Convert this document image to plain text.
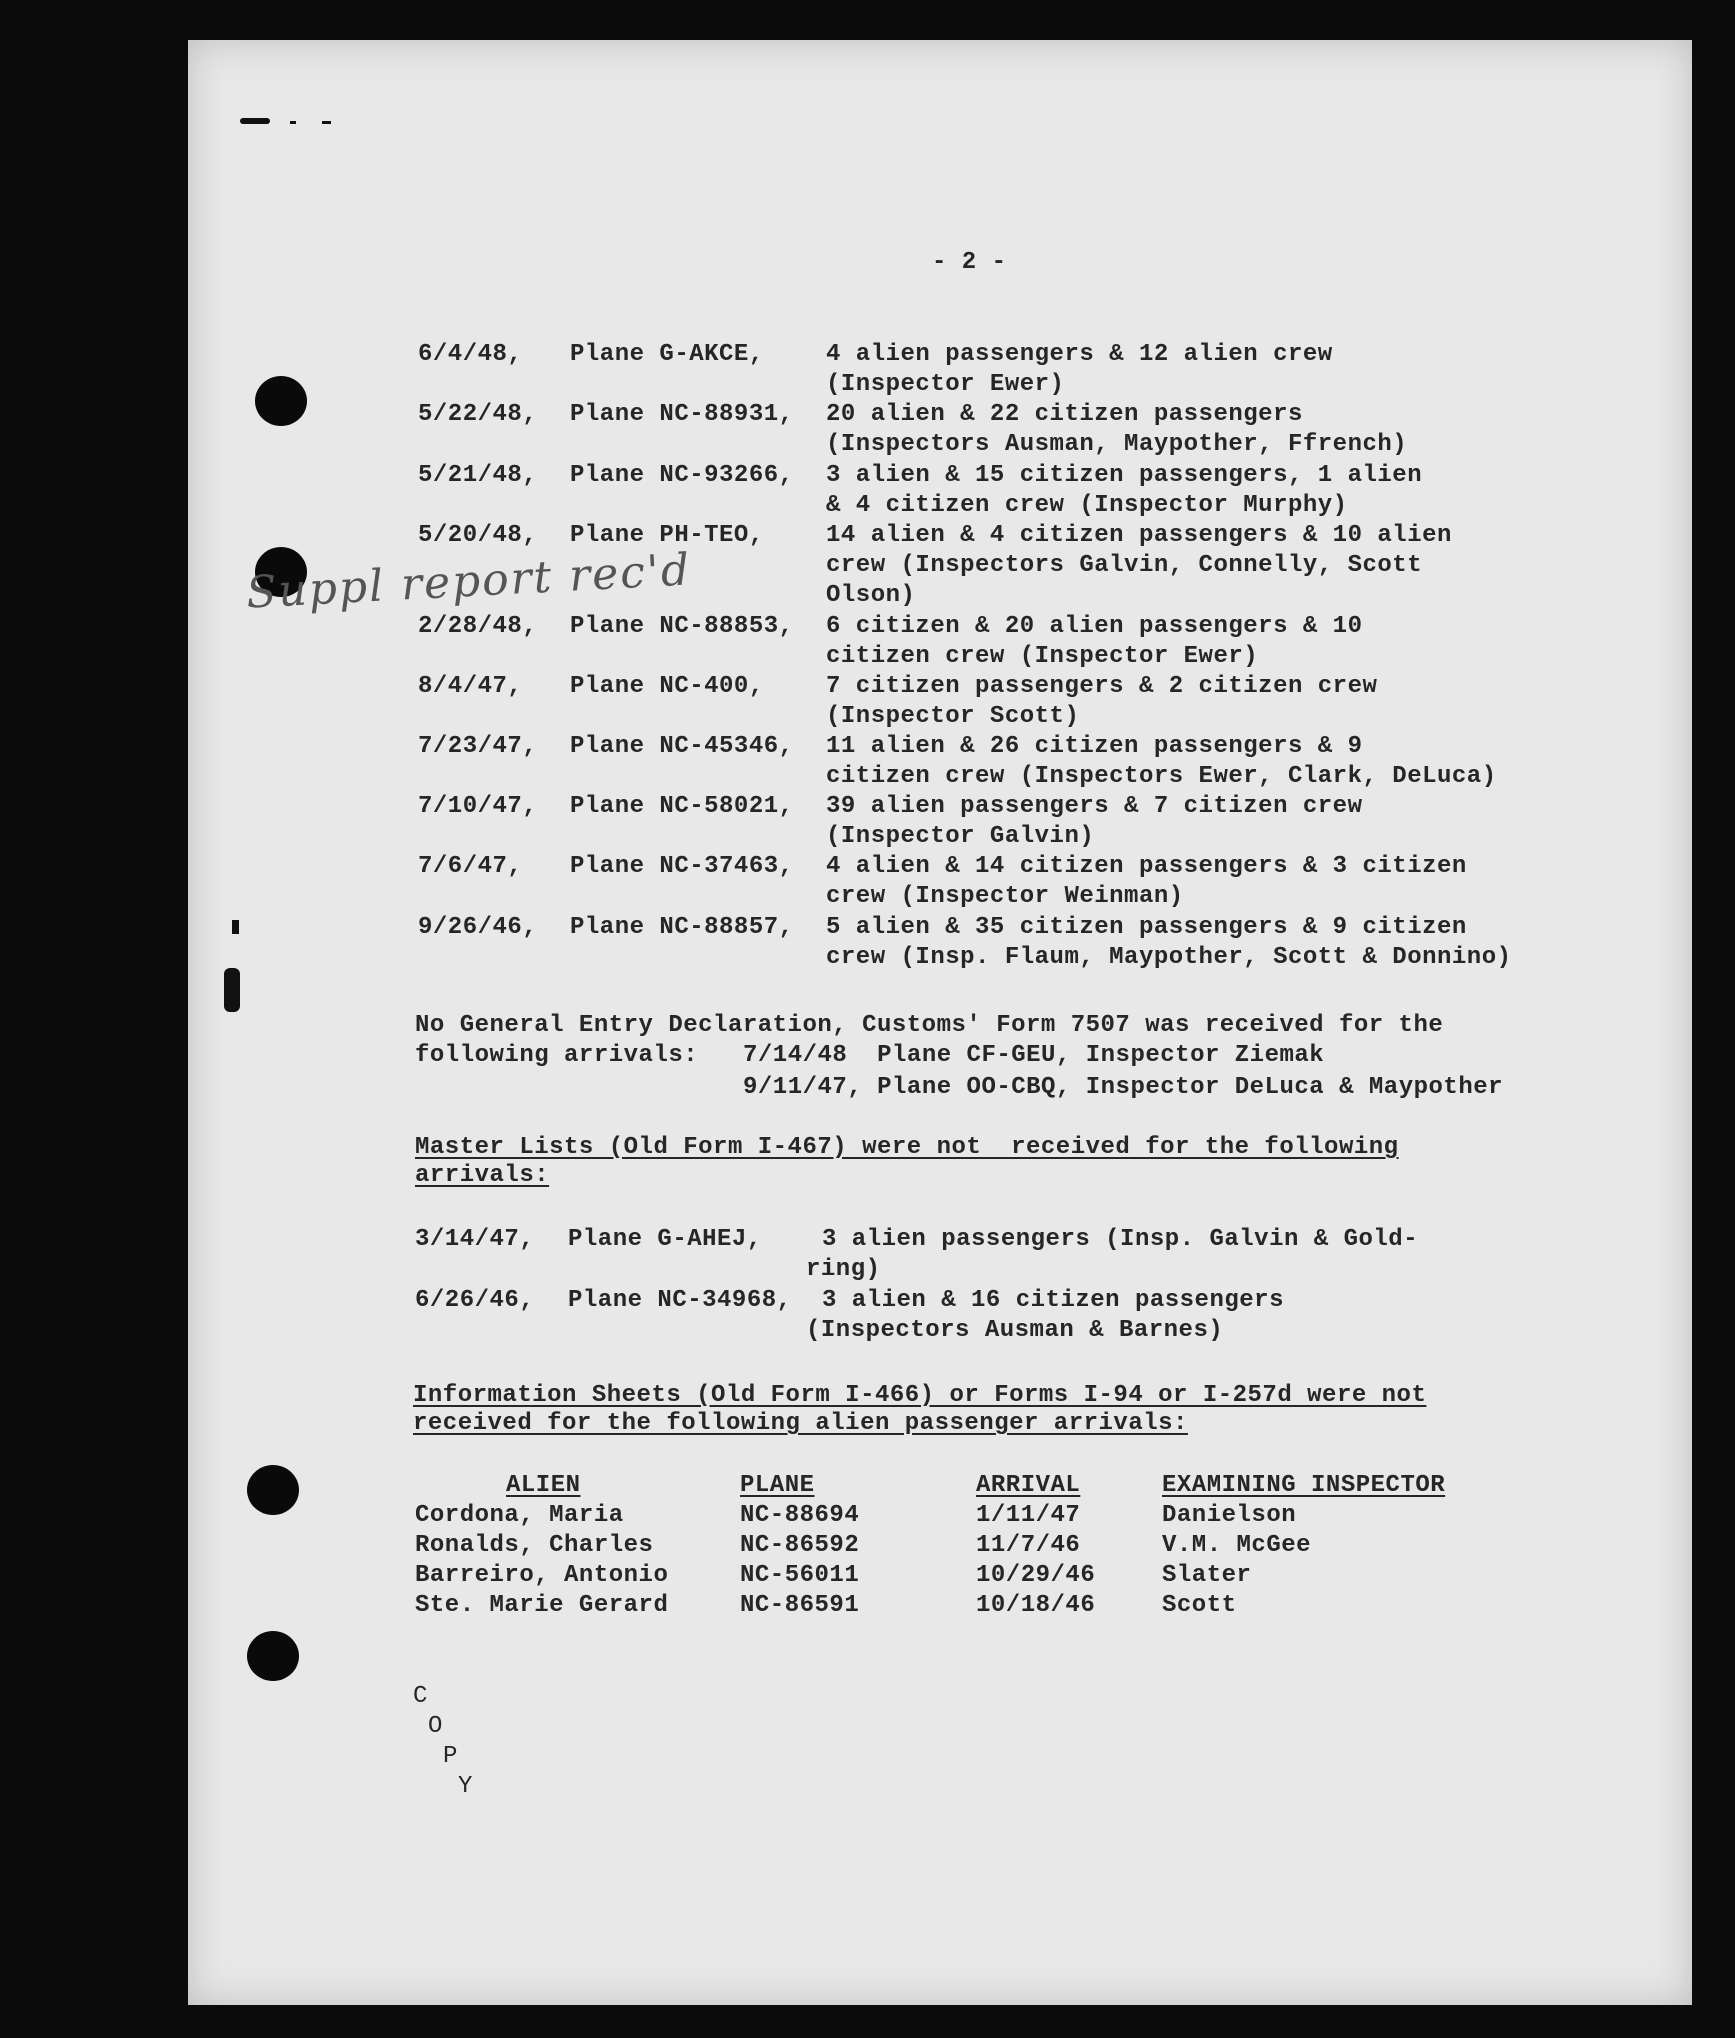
- 2 -
6/4/48, Plane G-AKCE,	4 alien passengers & 12 alien crew
(Inspector Ewer)
5/22/48, Plane NC-88931, 20 alien & 22 citizen passengers
(Inspectors Ausman, Maypother, Ffrench)
5/21/48, Plane NC-93266, 3 alien & 15 citizen passengers, 1 alien
& 4 citizen crew (Inspector Murphy)
5/20/48, Plane PH-TEO,	14 alien & 4 citizen passengers & 10 alien
crew (Inspectors Galvin, Connelly, Scott
Olson)
2/28/48, Plane NC-88853, 6 citizen & 20 alien passengers & 10
citizen crew (Inspector Ewer)
8/4/47, Plane NC-400,	7 citizen passengers & 2 citizen crew
(Inspector Scott)
7/23/47, Plane NC-45346, 11 alien & 26 citizen passengers & 9
citizen crew (Inspectors Ewer, Clark, DeLuca)
7/10/47, Plane NC-58021, 39 alien passengers & 7 citizen crew
(Inspector Galvin)
7/6/47, Plane NC-37463, 4 alien & 14 citizen passengers & 3 citizen
crew (Inspector Weinman)
9/26/46, Plane NC-88857, 5 alien & 35 citizen passengers & 9 citizen
crew (Insp. Flaum, Maypother, Scott & Donnino)
Suppl report rec'd
No General Entry Declaration, Customs' Form 7507 was received for the
following arrivals: 7/14/48  Plane CF-GEU, Inspector Ziemak
9/11/47, Plane OO-CBQ, Inspector DeLuca & Maypother
Master Lists (Old Form I-467) were not  received for the following
arrivals:
3/14/47, Plane G-AHEJ,	3 alien passengers (Insp. Galvin & Gold-
ring)
6/26/46, Plane NC-34968, 3 alien & 16 citizen passengers
(Inspectors Ausman & Barnes)
Information Sheets (Old Form I-466) or Forms I-94 or I-257d were not
received for the following alien passenger arrivals:
ALIEN	PLANE	ARRIVAL	EXAMINING INSPECTOR
Cordona, Maria	NC-88694	1/11/47	Danielson
Ronalds, Charles	NC-86592	11/7/46	V.M. McGee
Barreiro, Antonio	NC-56011	10/29/46	Slater
Ste. Marie Gerard	NC-86591	10/18/46	Scott
C
O
P
Y
